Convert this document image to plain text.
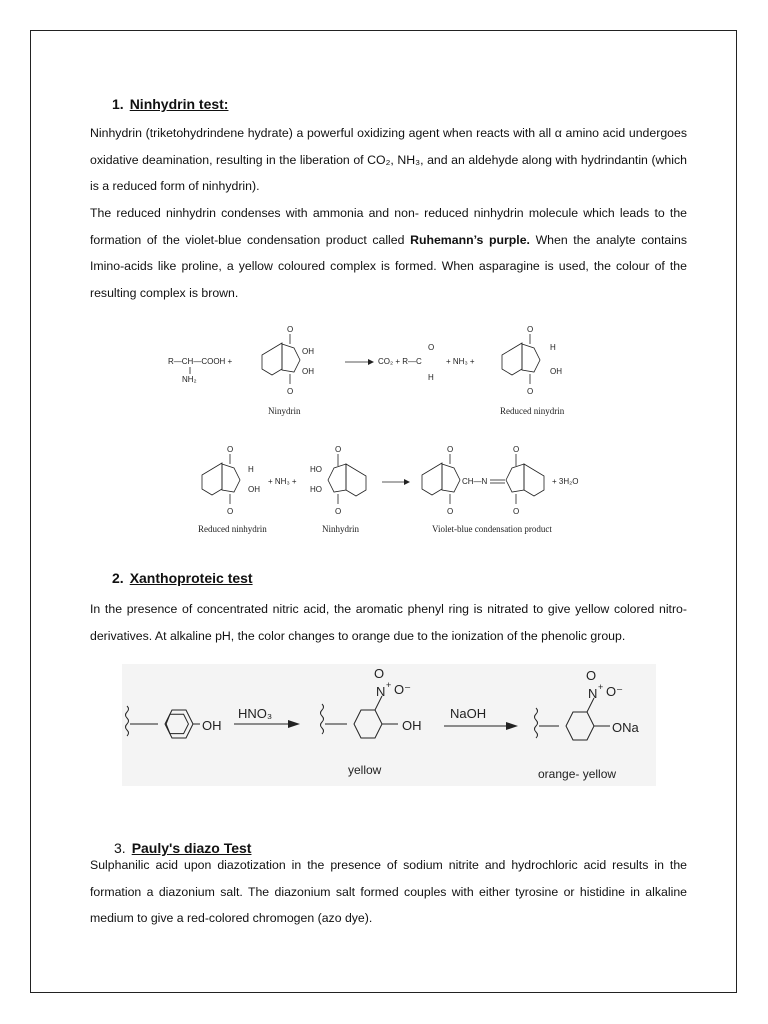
1. Ninhydrin test:
Ninhydrin (triketohydrindene hydrate) a powerful oxidizing agent when reacts with all α amino acid undergoes oxidative deamination, resulting in the liberation of CO₂, NH₃, and an aldehyde along with hydrindantin (which is a reduced form of ninhydrin).
The reduced ninhydrin condenses with ammonia and non- reduced ninhydrin molecule which leads to the formation of the violet-blue condensation product called Ruhemann’s purple. When the analyte contains Imino-acids like proline, a yellow coloured complex is formed. When asparagine is used, the colour of the resulting complex is brown.
R—CH—COOH +
NH₂
O
O
OH
OH
CO₂ + R—C
O
H
+ NH₃ +
O
O
H
OH
Ninydrin	Reduced ninydrin
O
O
H
OH
+ NH₃ +
HO
HO
O
O
O
O
CH—N
O
O
+ 3H₂O
Reduced ninhydrin	Ninhydrin	Violet-blue condensation product
2. Xanthoproteic test
In the presence of concentrated nitric acid, the aromatic phenyl ring is nitrated to give yellow colored nitro-derivatives. At alkaline pH, the color changes to orange due to the ionization of the phenolic group.
OH
HNO₃
O
N + O⁻
OH
NaOH
O
N + O⁻
ONa
yellow	orange- yellow
3. Pauly's diazo Test
Sulphanilic acid upon diazotization in the presence of sodium nitrite and hydrochloric acid results in the formation a diazonium salt. The diazonium salt formed couples with either tyrosine or histidine in alkaline medium to give a red-colored chromogen (azo dye).
